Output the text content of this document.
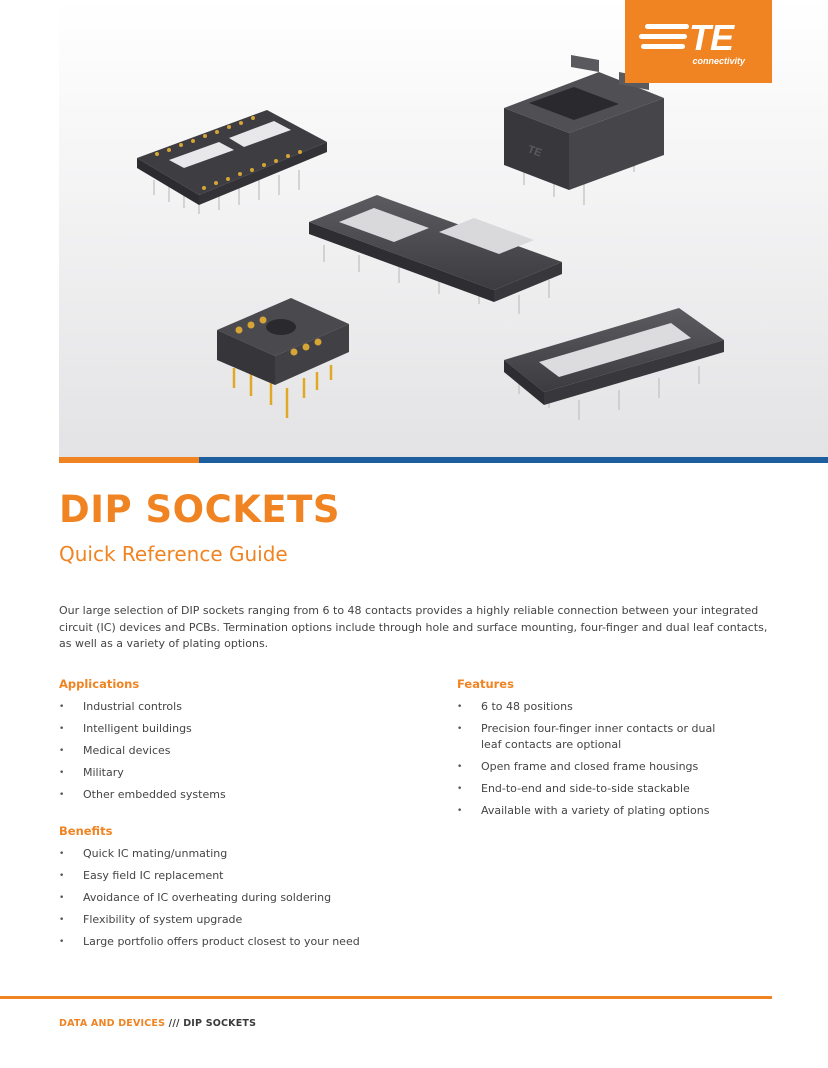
TE
TE
connectivity
DIP SOCKETS
Quick Reference Guide

Our large selection of DIP sockets ranging from 6 to 48 contacts provides a highly reliable connection between your integrated circuit (IC) devices and PCBs. Termination options include through hole and surface mounting, four-finger and dual leaf contacts, as well as a variety of plating options.

Applications
• Industrial controls
• Intelligent buildings
• Medical devices
• Military
• Other embedded systems
Benefits
• Quick IC mating/unmating
• Easy field IC replacement
• Avoidance of IC overheating during soldering
• Flexibility of system upgrade
• Large portfolio offers product closest to your need
Features
• 6 to 48 positions
• Precision four-finger inner contacts or dual leaf contacts are optional
• Open frame and closed frame housings
• End-to-end and side-to-side stackable
• Available with a variety of plating options
DATA AND DEVICES /// DIP SOCKETS
